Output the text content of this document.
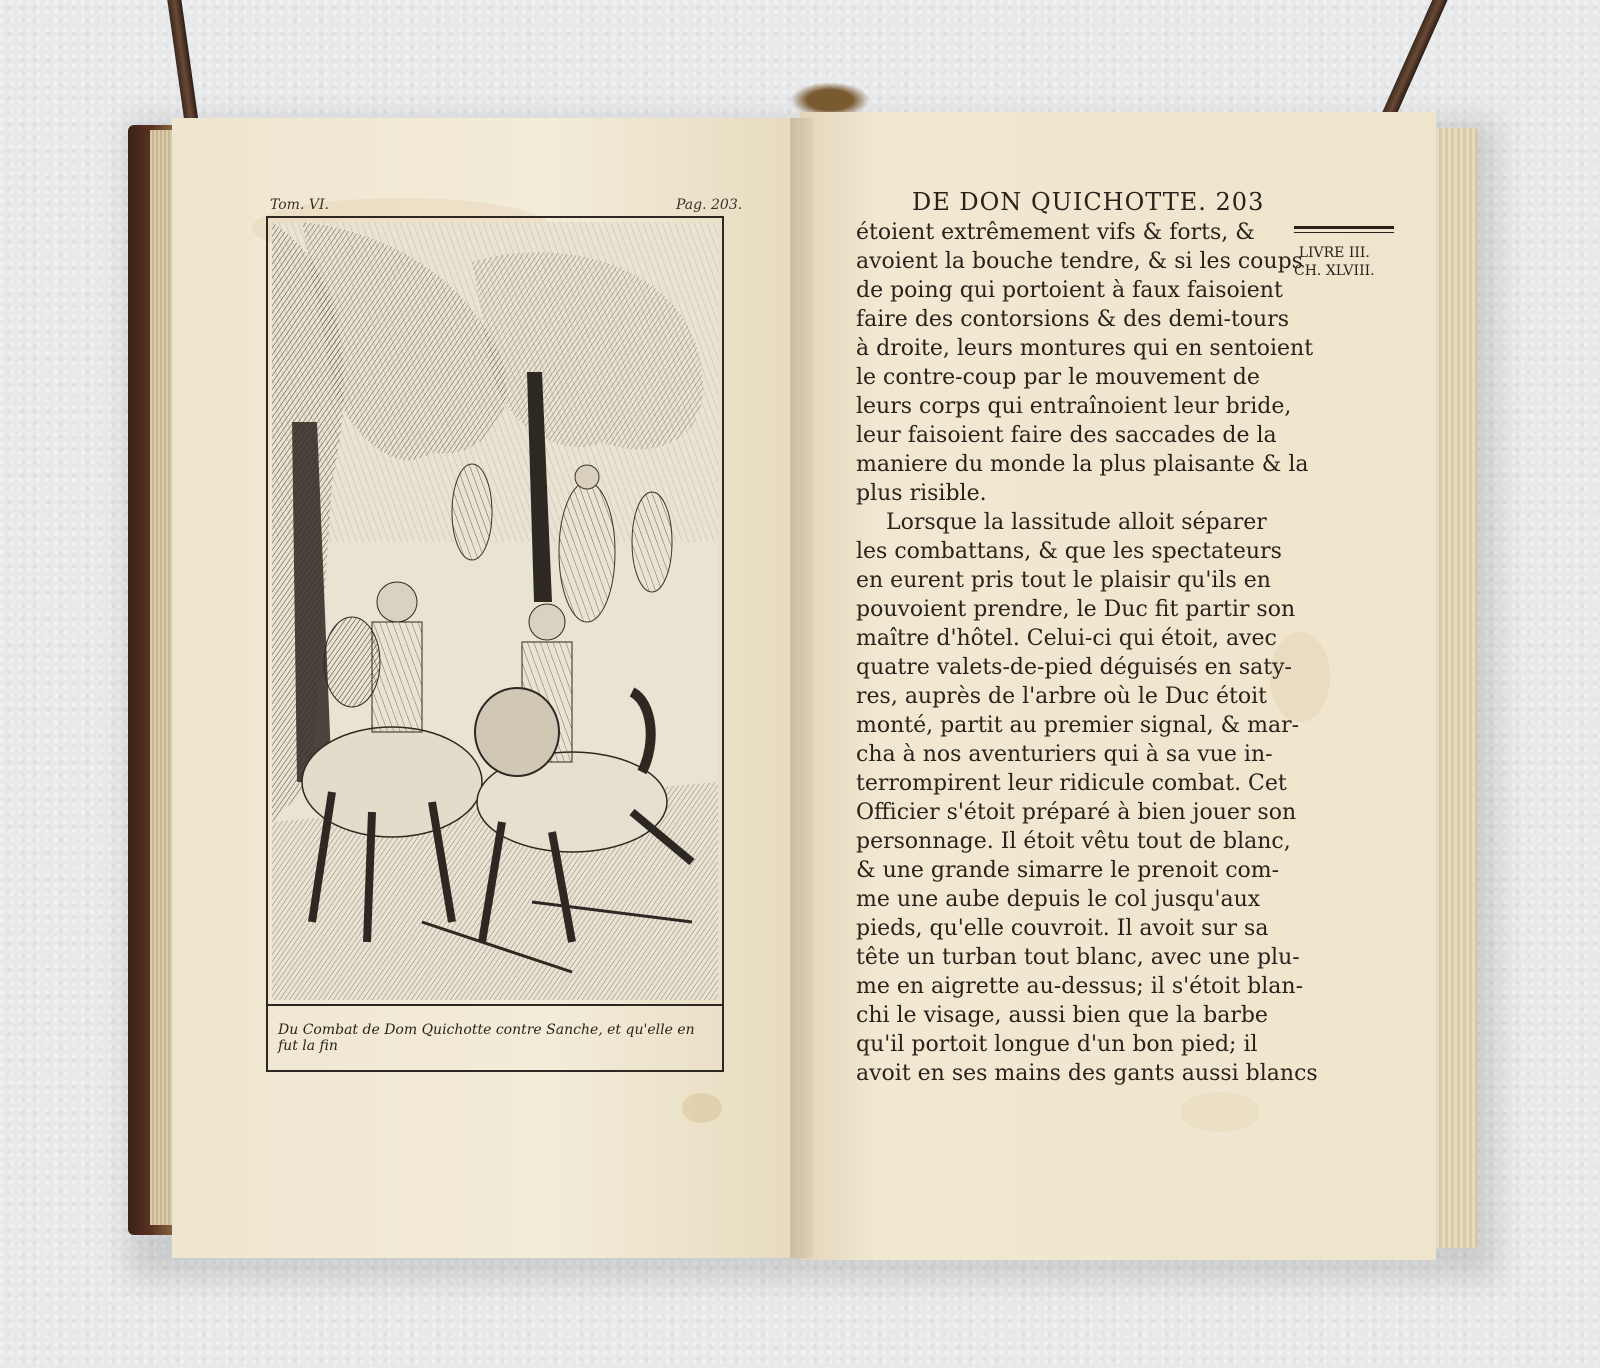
Tom. VI.	Pag. 203.
Du Combat de Dom Quichotte contre Sanche, et qu'elle en fut la fin
DE DON QUICHOTTE. 203
LIVRE III.
CH. XLVIII.
étoient extrêmement vifs & forts, &
avoient la bouche tendre, & si les coups
de poing qui portoient à faux faisoient
faire des contorsions & des demi-tours
à droite, leurs montures qui en sentoient
le contre-coup par le mouvement de
leurs corps qui entraînoient leur bride,
leur faisoient faire des saccades de la
maniere du monde la plus plaisante & la
plus risible.
Lorsque la lassitude alloit séparer
les combattans, & que les spectateurs
en eurent pris tout le plaisir qu'ils en
pouvoient prendre, le Duc fit partir son
maître d'hôtel. Celui-ci qui étoit, avec
quatre valets-de-pied déguisés en saty-
res, auprès de l'arbre où le Duc étoit
monté, partit au premier signal, & mar-
cha à nos aventuriers qui à sa vue in-
terrompirent leur ridicule combat. Cet
Officier s'étoit préparé à bien jouer son
personnage. Il étoit vêtu tout de blanc,
& une grande simarre le prenoit com-
me une aube depuis le col jusqu'aux
pieds, qu'elle couvroit. Il avoit sur sa
tête un turban tout blanc, avec une plu-
me en aigrette au-dessus; il s'étoit blan-
chi le visage, aussi bien que la barbe
qu'il portoit longue d'un bon pied; il
avoit en ses mains des gants aussi blancs
